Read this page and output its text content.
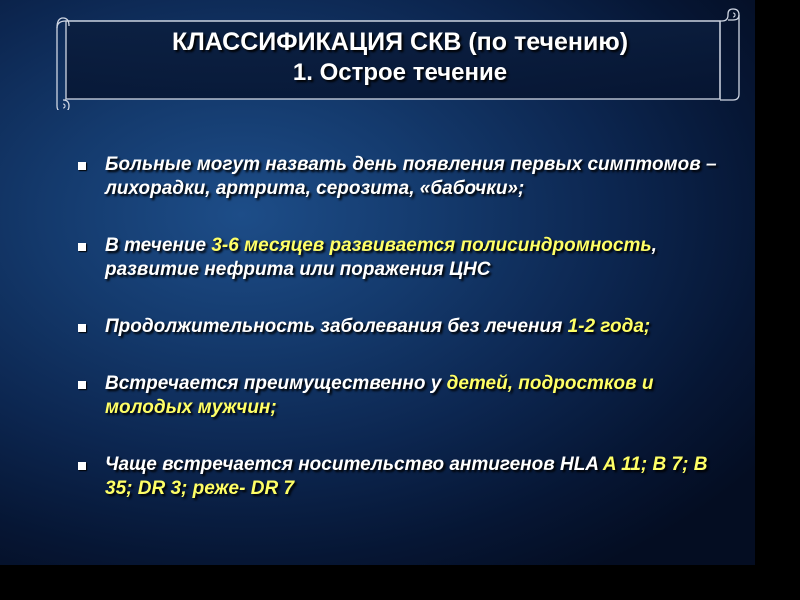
КЛАССИФИКАЦИЯ СКВ (по течению)
1. Острое течение
Больные могут назвать день появления первых симптомов – лихорадки, артрита, серозита, «бабочки»;
В течение 3-6 месяцев развивается полисиндромность, развитие нефрита или поражения ЦНС
Продолжительность заболевания без лечения 1-2 года;
Встречается преимущественно у детей, подростков и молодых мужчин;
Чаще встречается носительство антигенов HLA A 11; B 7; B 35; DR 3; реже- DR 7
